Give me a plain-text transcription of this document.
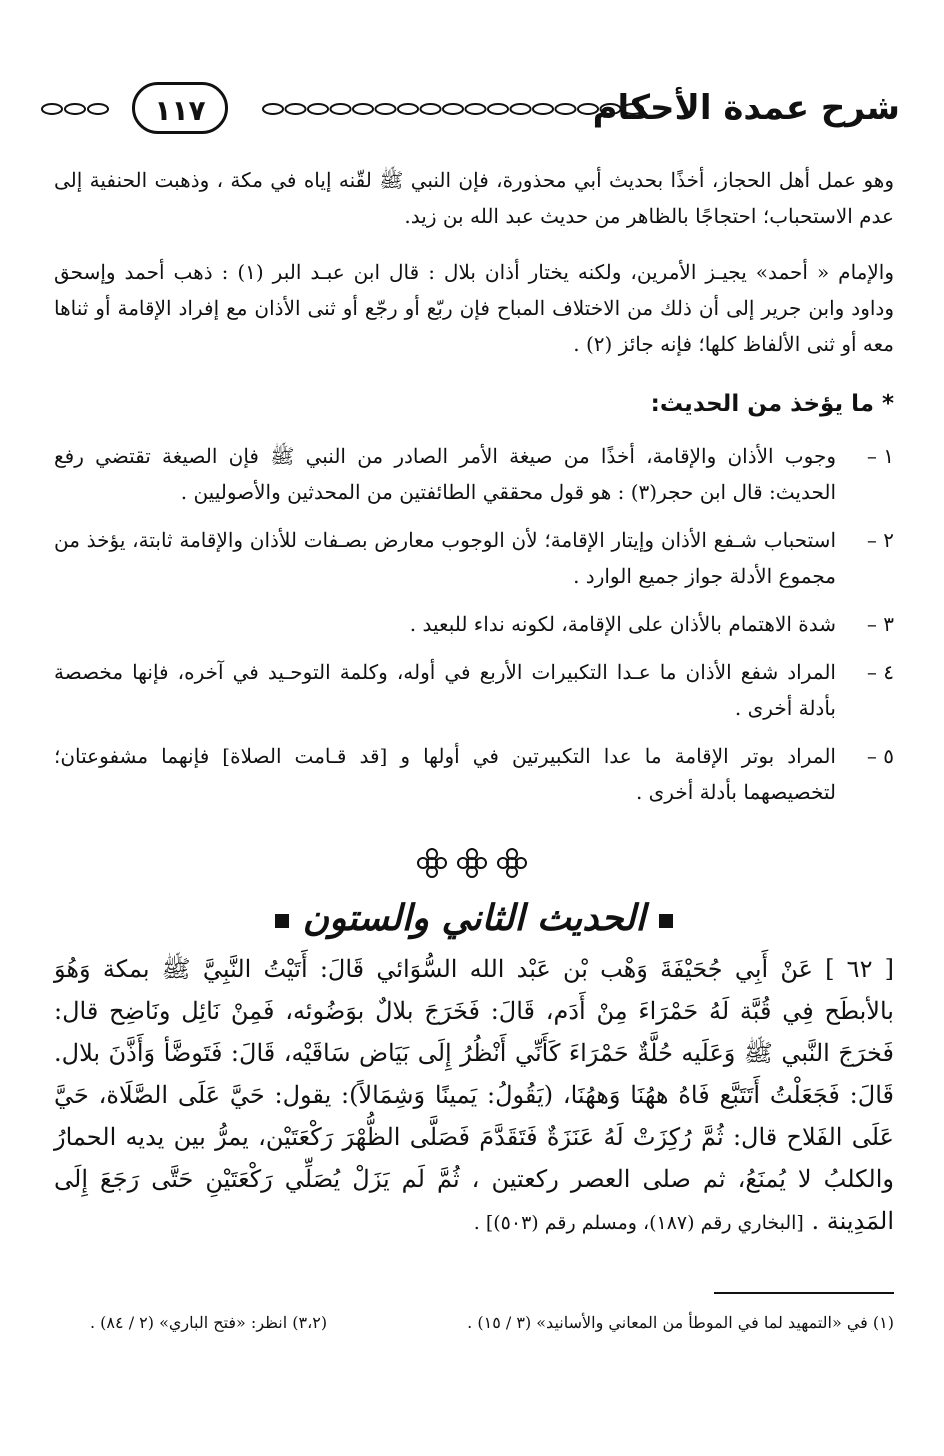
١١٧	شرح عمدة الأحكام

وهو عمل أهل الحجاز، أخذًا بحديث أبي محذورة، فإن النبي ﷺ لقّنه إياه في مكة ، وذهبت الحنفية إلى عدم الاستحباب؛ احتجاجًا بالظاهر من حديث عبد الله بن زيد.

والإمام « أحمد» يجيـز الأمرين، ولكنه يختار أذان بلال : قال ابن عبـد البر (١) : ذهب أحمد وإسحق وداود وابن جرير إلى أن ذلك من الاختلاف المباح فإن ربّع أو رجّع أو ثنى الأذان مع إفراد الإقامة أو ثناها معه أو ثنى الألفاظ كلها؛ فإنه جائز (٢) .

* ما يؤخذ من الحديث:
١ –
وجوب الأذان والإقامة، أخذًا من صيغة الأمر الصادر من النبي ﷺ فإن الصيغة تقتضي رفع الحديث: قال ابن حجر(٣) : هو قول محققي الطائفتين من المحدثين والأصوليين .
٢ –
استحباب شـفع الأذان وإيتار الإقامة؛ لأن الوجوب معارض بصـفات للأذان والإقامة ثابتة، يؤخذ من مجموع الأدلة جواز جميع الوارد .
٣ –
شدة الاهتمام بالأذان على الإقامة، لكونه نداء للبعيد .
٤ –
المراد شفع الأذان ما عـدا التكبيرات الأربع في أوله، وكلمة التوحـيد في آخره، فإنها مخصصة بأدلة أخرى .
٥ –
المراد بوتر الإقامة ما عدا التكبيرتين في أولها و [قد قـامت الصلاة] فإنهما مشفوعتان؛ لتخصيصهما بأدلة أخرى .
الحديث الثاني والستون

[ ٦٢ ] عَنْ أَبِي جُحَيْفَةَ وَهْب بْن عَبْد الله السُّوَائي قَالَ: أَتَيْتُ النَّبِيَّ ﷺ بمكة وَهُوَ بالأبطَح فِي قُبَّة لَهُ حَمْرَاءَ مِنْ أَدَم، قَالَ: فَخَرَجَ بلالٌ بوَضُوئه، فَمِنْ نَائِل ونَاضِح قال: فَخرَجَ النَّبي ﷺ وَعَلَيه حُلَّةٌ حَمْرَاءَ كَأَنِّي أَنْظُرُ إِلَى بَيَاض سَاقَيْه، قَالَ: فَتَوضَّأ وَأَذَّنَ بلال. قَالَ: فَجَعَلْتُ أَتَتَبَّع فَاهُ ههُنَا وَههُنَا، (يَقُولُ: يَمينًا وَشِمَالاً): يقول: حَيَّ عَلَى الصَّلَاة، حَيَّ عَلَى الفَلاح قال: ثُمَّ رُكِزَتْ لَهُ عَنَزَةٌ فَتَقَدَّمَ فَصَلَّى الظُّهْرَ رَكْعَتَيْن، يمرُّ بين يديه الحمارُ والكلبُ لا يُمنَعُ، ثم صلى العصر ركعتين ، ثُمَّ لَم يَزَلْ يُصَلِّي رَكْعَتَيْنِ حَتَّى رَجَعَ إِلَى المَدِينة . [البخاري رقم (١٨٧)، ومسلم رقم (٥٠٣)] .

(١) في «التمهيد لما في الموطأ من المعاني والأسانيد» (٣ / ١٥) .
(٣،٢) انظر: «فتح الباري» (٢ / ٨٤) .
